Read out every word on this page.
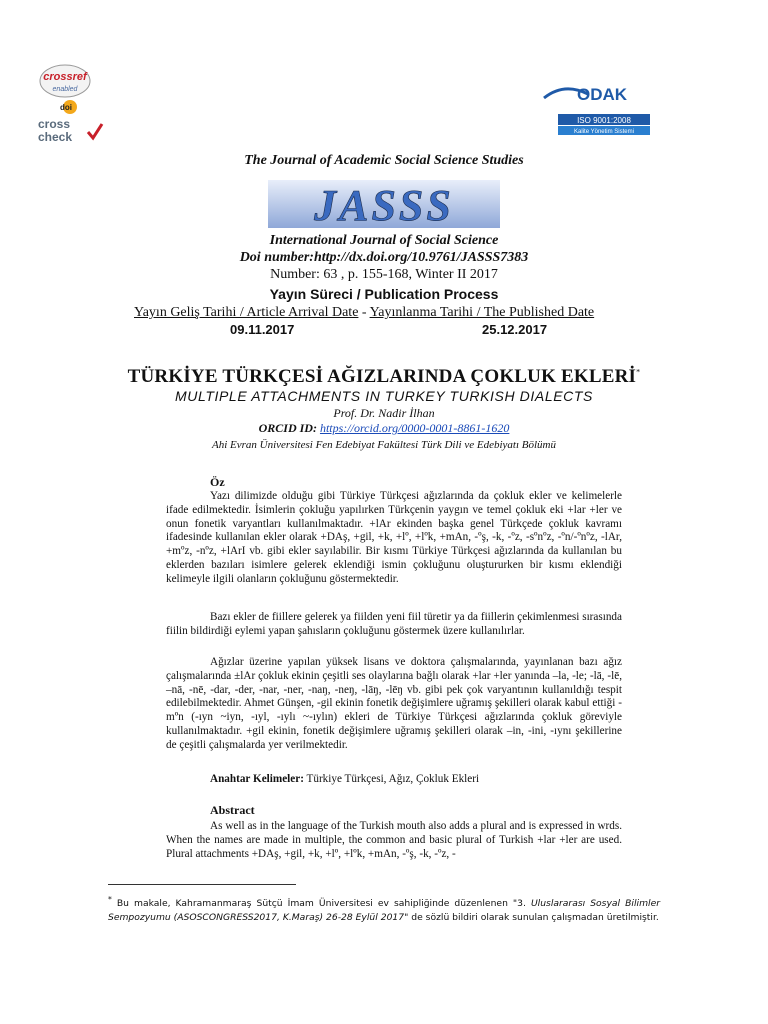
crossref
enabled
doi
cross
check
ODAK
ISO 9001:2008
Kalite Yönetim Sistemi
The Journal of Academic Social Science Studies
JASSS
International Journal of Social Science
Doi number:http://dx.doi.org/10.9761/JASSS7383
Number: 63 , p. 155-168, Winter II 2017
Yayın Süreci / Publication Process
Yayın Geliş Tarihi / Article Arrival Date - Yayınlanma Tarihi / The Published Date
09.11.2017	25.12.2017
TÜRKİYE TÜRKÇESİ AĞIZLARINDA ÇOKLUK EKLERİ*
MULTIPLE ATTACHMENTS IN TURKEY TURKISH DIALECTS
Prof. Dr. Nadir İlhan
ORCID ID: https://orcid.org/0000-0001-8861-1620
Ahi Evran Üniversitesi Fen Edebiyat Fakültesi Türk Dili ve Edebiyatı Bölümü
Öz

Yazı dilimizde olduğu gibi Türkiye Türkçesi ağızlarında da çokluk ekler ve kelimelerle ifade edilmektedir. İsimlerin çokluğu yapılırken Türkçenin yaygın ve temel çokluk eki +lar +ler ve onun fonetik varyantları kullanılmaktadır. +lAr ekinden başka genel Türkçede çokluk kavramı ifadesinde kullanılan ekler olarak +DAş, +gil, +k, +lº, +lºk, +mAn, -ºş, -k, -ºz, -sºnºz, -ºn/-ºnºz, -lAr, +mºz, -nºz, +lArI vb. gibi ekler sayılabilir. Bir kısmı Türkiye Türkçesi ağızlarında da kullanılan bu eklerden bazıları isimlere gelerek eklendiği ismin çokluğunu oluştururken bir kısmı eklendiği kelimeyle ilgili olanların çokluğunu göstermektedir.

Bazı ekler de fiillere gelerek ya fiilden yeni fiil türetir ya da fiillerin çekimlenmesi sırasında fiilin bildirdiği eylemi yapan şahısların çokluğunu göstermek üzere kullanılırlar.

Ağızlar üzerine yapılan yüksek lisans ve doktora çalışmalarında, yayınlanan bazı ağız çalışmalarında ±lAr çokluk ekinin çeşitli ses olaylarına bağlı olarak +lar +ler yanında –la, -le; -lā, -lē, –nā, -nē, -dar, -der, -nar, -ner, -naŋ, -neŋ, -lāŋ, -lēŋ vb. gibi pek çok varyantının kullanıldığı tespit edilebilmektedir. Ahmet Günşen, -gil ekinin fonetik değişimlere uğramış şekilleri olarak kabul ettiği -mºn (-ıyn ~iyn, -ıyl, -ıylı ~-ıylın) ekleri de Türkiye Türkçesi ağızlarında çokluk göreviyle kullanılmaktadır. +gil ekinin, fonetik değişimlere uğramış şekilleri olarak –in, -ini, -ıynı şekillerine de çeşitli çalışmalarda yer verilmektedir.

Anahtar Kelimeler: Türkiye Türkçesi, Ağız, Çokluk Ekleri
Abstract

As well as in the language of the Turkish mouth also adds a plural and is expressed in wrds. When the names are made in multiple, the common and basic plural of Turkish +lar +ler are used. Plural attachments +DAş, +gil, +k, +lº, +lºk, +mAn, -ºş, -k, -ºz, -

* Bu makale, Kahramanmaraş Sütçü İmam Üniversitesi ev sahipliğinde düzenlenen "3. Uluslararası Sosyal Bilimler Sempozyumu (ASOSCONGRESS2017, K.Maraş) 26-28 Eylül 2017" de sözlü bildiri olarak sunulan çalışmadan üretilmiştir.
